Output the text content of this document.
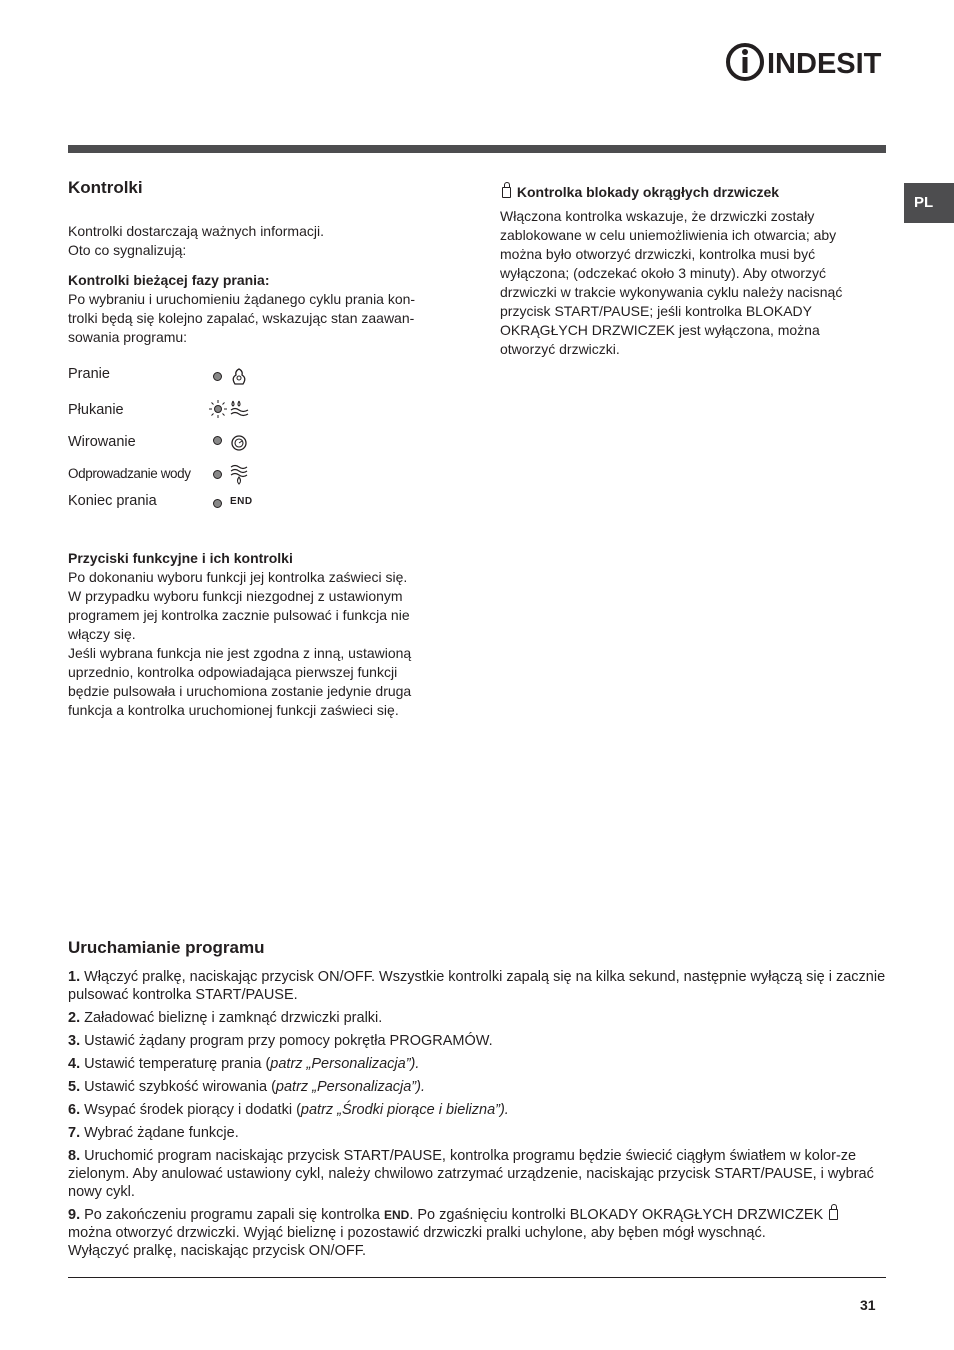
INDESIT
PL
Kontrolki

Kontrolki dostarczają ważnych informacji.

Oto co sygnalizują:

Kontrolki bieżącej fazy prania:

Po wybraniu i uruchomieniu żądanego cyklu prania kon-

trolki będą się kolejno zapalać, wskazując stan zaawan-

sowania programu:

Pranie
Płukanie
Wirowanie
Odprowadzanie wody
Koniec prania	END

Przyciski funkcyjne i ich kontrolki

Po dokonaniu wyboru funkcji jej kontrolka zaświeci się.

W przypadku wyboru funkcji niezgodnej z ustawionym

programem jej kontrolka zacznie pulsować i funkcja nie

włączy się.

Jeśli wybrana funkcja nie jest zgodna z inną, ustawioną

uprzednio, kontrolka odpowiadająca pierwszej funkcji

będzie pulsowała i uruchomiona zostanie jedynie druga

funkcja a kontrolka uruchomionej funkcji zaświeci się.

Kontrolka blokady okrągłych drzwiczek

Włączona kontrolka wskazuje, że drzwiczki zostały

zablokowane w celu uniemożliwienia ich otwarcia; aby

można było otworzyć drzwiczki, kontrolka musi być

wyłączona; (odczekać około 3 minuty). Aby otworzyć

drzwiczki w trakcie wykonywania cyklu należy nacisnąć

przycisk START/PAUSE; jeśli kontrolka BLOKADY

OKRĄGŁYCH DRZWICZEK jest wyłączona, można

otworzyć drzwiczki.

Uruchamianie programu
1. Włączyć pralkę, naciskając przycisk ON/OFF. Wszystkie kontrolki zapalą się na kilka sekund, następnie wyłączą się i zacznie pulsować kontrolka START/PAUSE.
2. Załadować bieliznę i zamknąć drzwiczki pralki.
3. Ustawić żądany program przy pomocy pokrętła PROGRAMÓW.
4. Ustawić temperaturę prania (patrz „Personalizacja”).
5. Ustawić szybkość wirowania (patrz „Personalizacja”).
6. Wsypać środek piorący i dodatki (patrz „Środki piorące i bielizna”).
7. Wybrać żądane funkcje.
8. Uruchomić program naciskając przycisk START/PAUSE, kontrolka programu będzie świecić ciągłym światłem w kolor-ze zielonym. Aby anulować ustawiony cykl, należy chwilowo zatrzymać urządzenie, naciskając przycisk START/PAUSE, i wybrać nowy cykl.
9. Po zakończeniu programu zapali się kontrolka END. Po zgaśnięciu kontrolki BLOKADY OKRĄGŁYCH DRZWICZEK
można otworzyć drzwiczki. Wyjąć bieliznę i pozostawić drzwiczki pralki uchylone, aby bęben mógł wyschnąć.
Wyłączyć pralkę, naciskając przycisk ON/OFF.
31
